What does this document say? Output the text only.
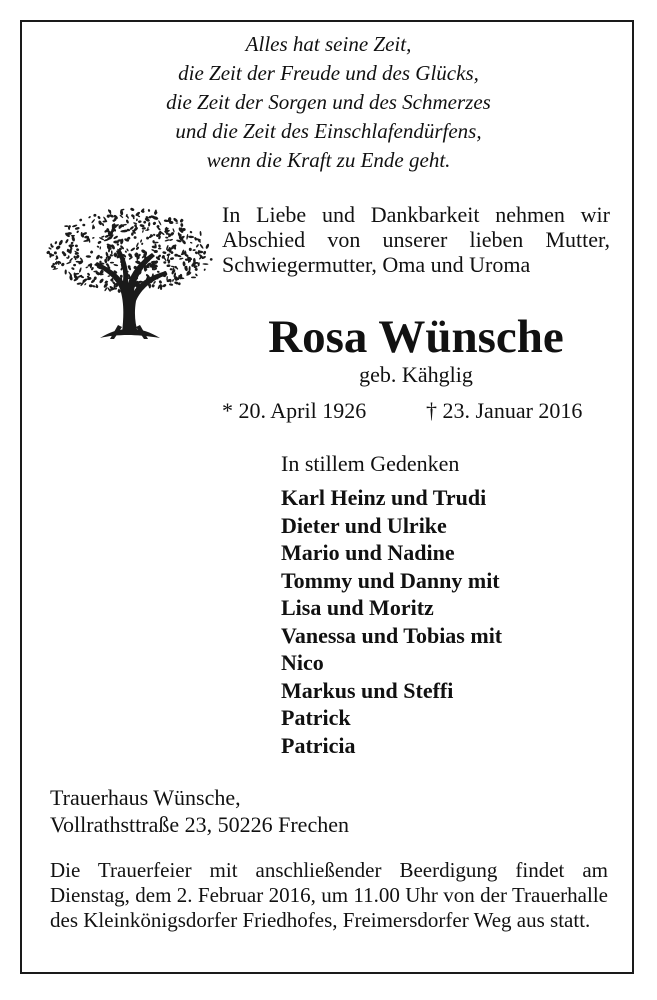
Alles hat seine Zeit,
die Zeit der Freude und des Glücks,
die Zeit der Sorgen und des Schmerzes
und die Zeit des Einschlafendürfens,
wenn die Kraft zu Ende geht.
In Liebe und Dankbarkeit nehmen wir Abschied von unserer lieben Mutter, Schwiegermutter, Oma und Uroma
Rosa Wünsche
geb. Kähglig
* 20. April 1926	† 23. Januar 2016
In stillem Gedenken
Karl Heinz und Trudi
Dieter und Ulrike
Mario und Nadine
Tommy und Danny mit
Lisa und Moritz
Vanessa und Tobias mit
Nico
Markus und Steffi
Patrick
Patricia
Trauerhaus Wünsche,
Vollrathsttraße 23, 50226 Frechen
Die Trauerfeier mit anschließender Beerdigung findet am Dienstag, dem 2. Februar 2016, um 11.00 Uhr von der Trauerhalle des Kleinkönigsdorfer Friedhofes, Freimersdorfer Weg aus statt.
